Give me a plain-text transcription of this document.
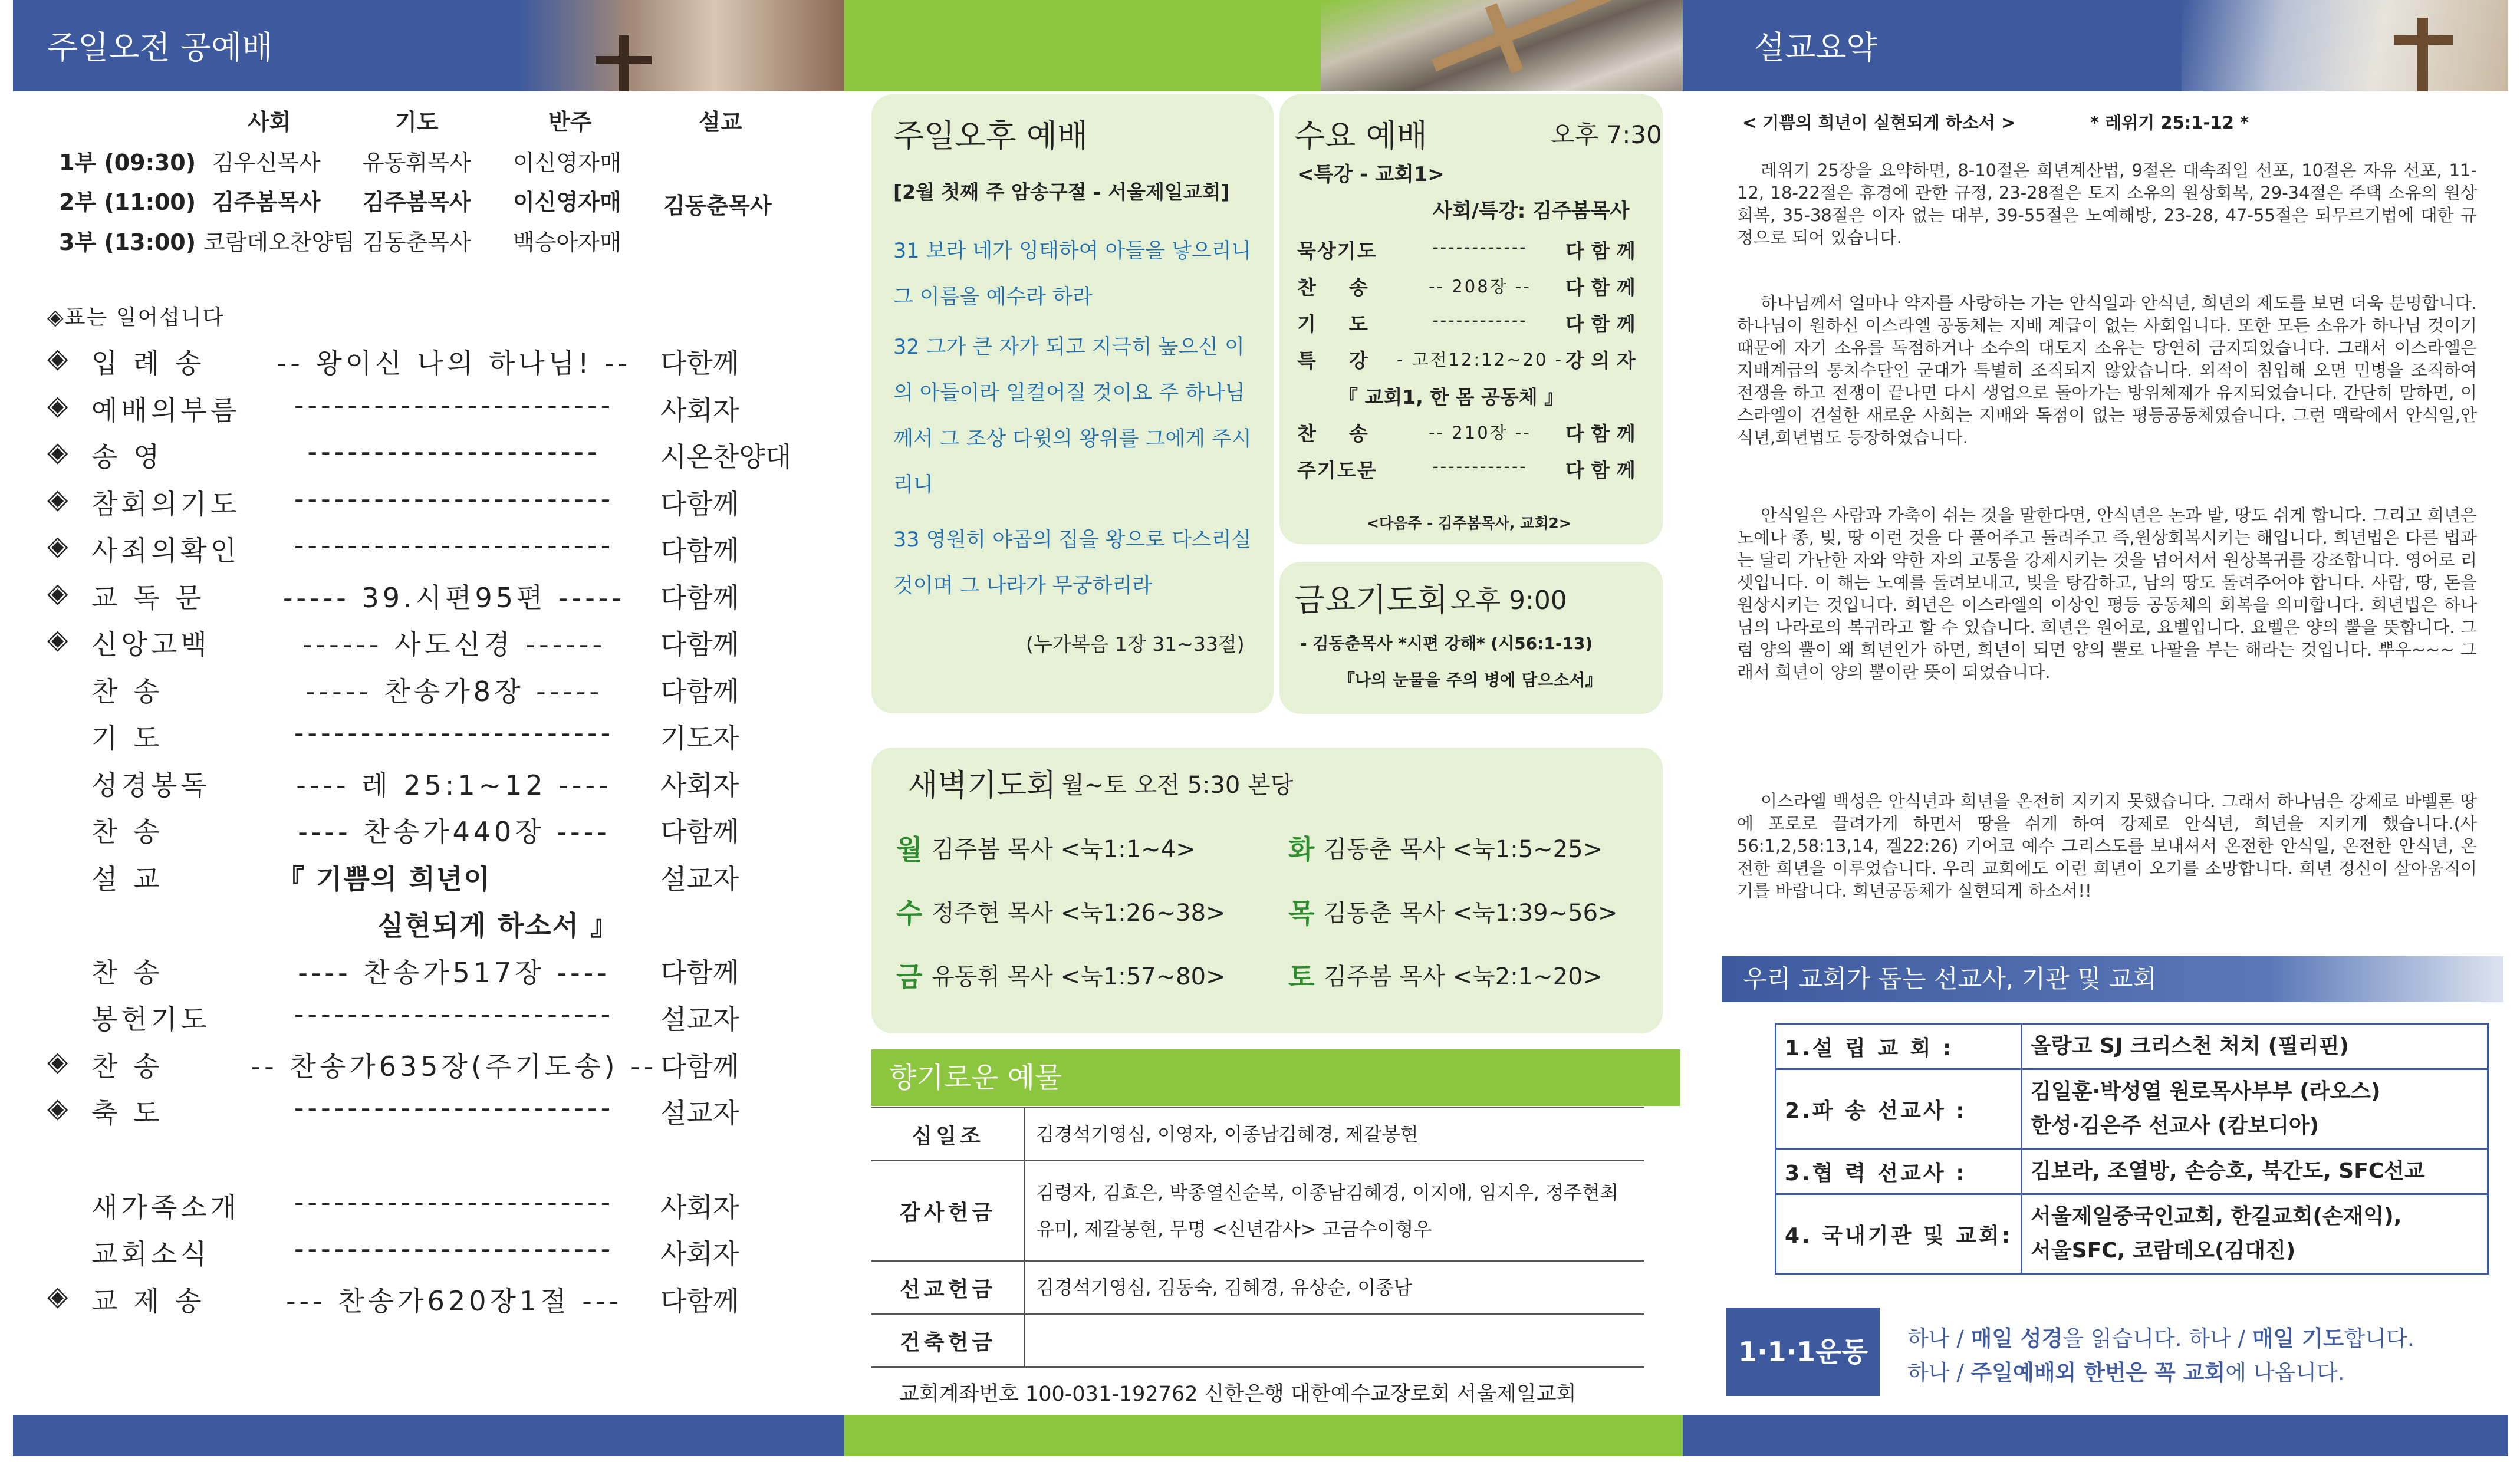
주일오전 공예배	설교요약
사회	기도	반주	설교
1부 (09:30) 김우신목사 유동휘목사 이신영자매
2부 (11:00) 김주봄목사 김주봄목사 이신영자매 김동춘목사
3부 (13:00) 코람데오찬양팀 김동춘목사 백승아자매
◈표는 일어섭니다
◈ 입 례 송	-- 왕이신 나의 하나님! --	다한께
◈ 예배의부름	------------------------	사회자
◈ 송 영	----------------------	시온찬양대
◈ 참회의기도	------------------------	다함께
◈ 사죄의확인	------------------------	다함께
◈ 교 독 문	----- 39.시편95편 -----	다함께
◈ 신앙고백	------ 사도신경 ------	다함께
찬 송	----- 찬송가8장 -----	다함께
기 도	------------------------	기도자
성경봉독	---- 레 25:1~12 ----	사회자
찬 송	---- 찬송가440장 ----	다함께
설 교	『 기쁨의 희년이	설교자
실현되게 하소서 』
찬 송	---- 찬송가517장 ----	다함께
봉헌기도	------------------------	설교자
◈ 찬 송	-- 찬송가635장(주기도송) -- 다함께
◈ 축 도	------------------------	설교자
새가족소개	------------------------	사회자
교회소식	------------------------	사회자
◈ 교 제 송	--- 찬송가620장1절 ---	다함께
주일오후 예배
[2월 첫째 주 암송구절 - 서울제일교회]
31 보라 네가 잉태하여 아들을 낳으리니 그 이름을 예수라 하라
32 그가 큰 자가 되고 지극히 높으신 이의 아들이라 일컬어질 것이요 주 하나님께서 그 조상 다윗의 왕위를 그에게 주시리니
33 영원히 야곱의 집을 왕으로 다스리실 것이며 그 나라가 무궁하리라
(누가복음 1장 31~33절)
수요 예배	오후 7:30
<특강 - 교회1>
사회/특강: 김주봄목사
묵상기도	------------	다 함 께
찬    송	-- 208장 --	다 함 께
기    도	------------	다 함 께
특    강 - 고전12:12~20 - 강 의 자
『 교회1, 한 몸 공동체 』
찬    송	-- 210장 --	다 함 께
주기도문	------------	다 함 께
<다음주 - 김주봄목사, 교회2>
금요기도회 오후 9:00
- 김동춘목사 *시편 강해* (시56:1-13)
『나의 눈물을 주의 병에 담으소서』
새벽기도회 월~토 오전 5:30 본당
월 김주봄 목사 <눅1:1~4>	화 김동춘 목사 <눅1:5~25>
수 정주현 목사 <눅1:26~38> 목 김동춘 목사 <눅1:39~56>
금 유동휘 목사 <눅1:57~80> 토 김주봄 목사 <눅2:1~20>
향기로운 예물
십일조	김경석기영심, 이영자, 이종남김혜경, 제갈봉현
감사헌금	김령자, 김효은, 박종열신순복, 이종남김혜경, 이지애, 임지우, 정주현최유미, 제갈봉현, 무명 <신년감사> 고금수이형우
선교헌금	김경석기영심, 김동숙, 김혜경, 유상순, 이종남
건축헌금	
교회계좌번호 100-031-192762 신한은행 대한예수교장로회 서울제일교회
< 기쁨의 희년이 실현되게 하소서 >	* 레위기 25:1-12 *
레위기 25장을 요약하면, 8-10절은 희년계산법, 9절은 대속죄일 선포, 10절은 자유 선포, 11-12, 18-22절은 휴경에 관한 규정, 23-28절은 토지 소유의 원상회복, 29-34절은 주택 소유의 원상회복, 35-38절은 이자 없는 대부, 39-55절은 노예해방, 23-28, 47-55절은 되무르기법에 대한 규정으로 되어 있습니다.
하나님께서 얼마나 약자를 사랑하는 가는 안식일과 안식년, 희년의 제도를 보면 더욱 분명합니다. 하나님이 원하신 이스라엘 공동체는 지배 계급이 없는 사회입니다. 또한 모든 소유가 하나님 것이기 때문에 자기 소유를 독점하거나 소수의 대토지 소유는 당연히 금지되었습니다. 그래서 이스라엘은 지배계급의 통치수단인 군대가 특별히 조직되지 않았습니다. 외적이 침입해 오면 민병을 조직하여 전쟁을 하고 전쟁이 끝나면 다시 생업으로 돌아가는 방위체제가 유지되었습니다. 간단히 말하면, 이스라엘이 건설한 새로운 사회는 지배와 독점이 없는 평등공동체였습니다. 그런 맥락에서 안식일,안식년,희년법도 등장하였습니다.
안식일은 사람과 가축이 쉬는 것을 말한다면, 안식년은 논과 밭, 땅도 쉬게 합니다. 그리고 희년은 노예나 종, 빚, 땅 이런 것을 다 풀어주고 돌려주고 즉,원상회복시키는 해입니다. 희년법은 다른 법과는 달리 가난한 자와 약한 자의 고통을 강제시키는 것을 넘어서서 원상복귀를 강조합니다. 영어로 리셋입니다. 이 해는 노예를 돌려보내고, 빚을 탕감하고, 남의 땅도 돌려주어야 합니다. 사람, 땅, 돈을 원상시키는 것입니다. 희년은 이스라엘의 이상인 평등 공동체의 회복을 의미합니다. 희년법은 하나님의 나라로의 복귀라고 할 수 있습니다. 희년은 원어로, 요벨입니다. 요벨은 양의 뿔을 뜻합니다. 그럼 양의 뿔이 왜 희년인가 하면, 희년이 되면 양의 뿔로 나팔을 부는 해라는 것입니다. 뿌우~~~ 그래서 희년이 양의 뿔이란 뜻이 되었습니다.
이스라엘 백성은 안식년과 희년을 온전히 지키지 못했습니다. 그래서 하나님은 강제로 바벨론 땅에 포로로 끌려가게 하면서 땅을 쉬게 하여 강제로 안식년, 희년을 지키게 했습니다.(사56:1,2,58:13,14, 겔22:26) 기어코 예수 그리스도를 보내셔서 온전한 안식일, 온전한 안식년, 온전한 희년을 이루었습니다. 우리 교회에도 이런 희년이 오기를 소망합니다. 희년 정신이 살아움직이기를 바랍니다. 희년공동체가 실현되게 하소서!!
우리 교회가 돕는 선교사, 기관 및 교회
1.설 립 교 회 :	올랑고 SJ 크리스천 처치 (필리핀)
2.파 송 선교사 :	김일훈·박성열 원로목사부부 (라오스)
한성·김은주 선교사 (캄보디아)
3.협 력 선교사 :	김보라, 조열방, 손승호, 북간도, SFC선교
4. 국내기관 및 교회:	서울제일중국인교회, 한길교회(손재익),
서울SFC, 코람데오(김대진)
1·1·1운동	하나 / 매일 성경을 읽습니다. 하나 / 매일 기도합니다.
하나 / 주일예배외 한번은 꼭 교회에 나옵니다.
